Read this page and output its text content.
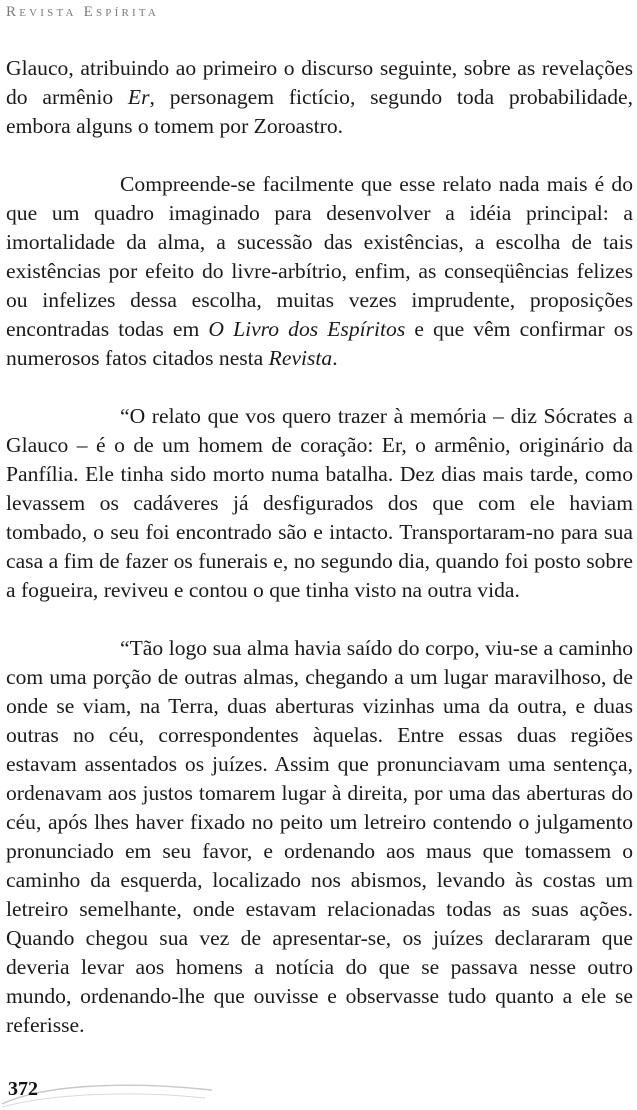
Revista Espírita

Glauco, atribuindo ao primeiro o discurso seguinte, sobre as revelações do armênio Er, personagem fictício, segundo toda probabilidade, embora alguns o tomem por Zoroastro.

Compreende-se facilmente que esse relato nada mais é do que um quadro imaginado para desenvolver a idéia principal: a imortalidade da alma, a sucessão das existências, a escolha de tais existências por efeito do livre-arbítrio, enfim, as conseqüências felizes ou infelizes dessa escolha, muitas vezes imprudente, proposições encontradas todas em O Livro dos Espíritos e que vêm confirmar os numerosos fatos citados nesta Revista.

“O relato que vos quero trazer à memória – diz Sócrates a Glauco – é o de um homem de coração: Er, o armênio, originário da Panfília. Ele tinha sido morto numa batalha. Dez dias mais tarde, como levassem os cadáveres já desfigurados dos que com ele haviam tombado, o seu foi encontrado são e intacto. Transportaram-no para sua casa a fim de fazer os funerais e, no segundo dia, quando foi posto sobre a fogueira, reviveu e contou o que tinha visto na outra vida.

“Tão logo sua alma havia saído do corpo, viu-se a caminho com uma porção de outras almas, chegando a um lugar maravilhoso, de onde se viam, na Terra, duas aberturas vizinhas uma da outra, e duas outras no céu, correspondentes àquelas. Entre essas duas regiões estavam assentados os juízes. Assim que pronunciavam uma sentença, ordenavam aos justos tomarem lugar à direita, por uma das aberturas do céu, após lhes haver fixado no peito um letreiro contendo o julgamento pronunciado em seu favor, e ordenando aos maus que tomassem o caminho da esquerda, localizado nos abismos, levando às costas um letreiro semelhante, onde estavam relacionadas todas as suas ações. Quando chegou sua vez de apresentar-se, os juízes declararam que deveria levar aos homens a notícia do que se passava nesse outro mundo, ordenando-lhe que ouvisse e observasse tudo quanto a ele se referisse.

372
